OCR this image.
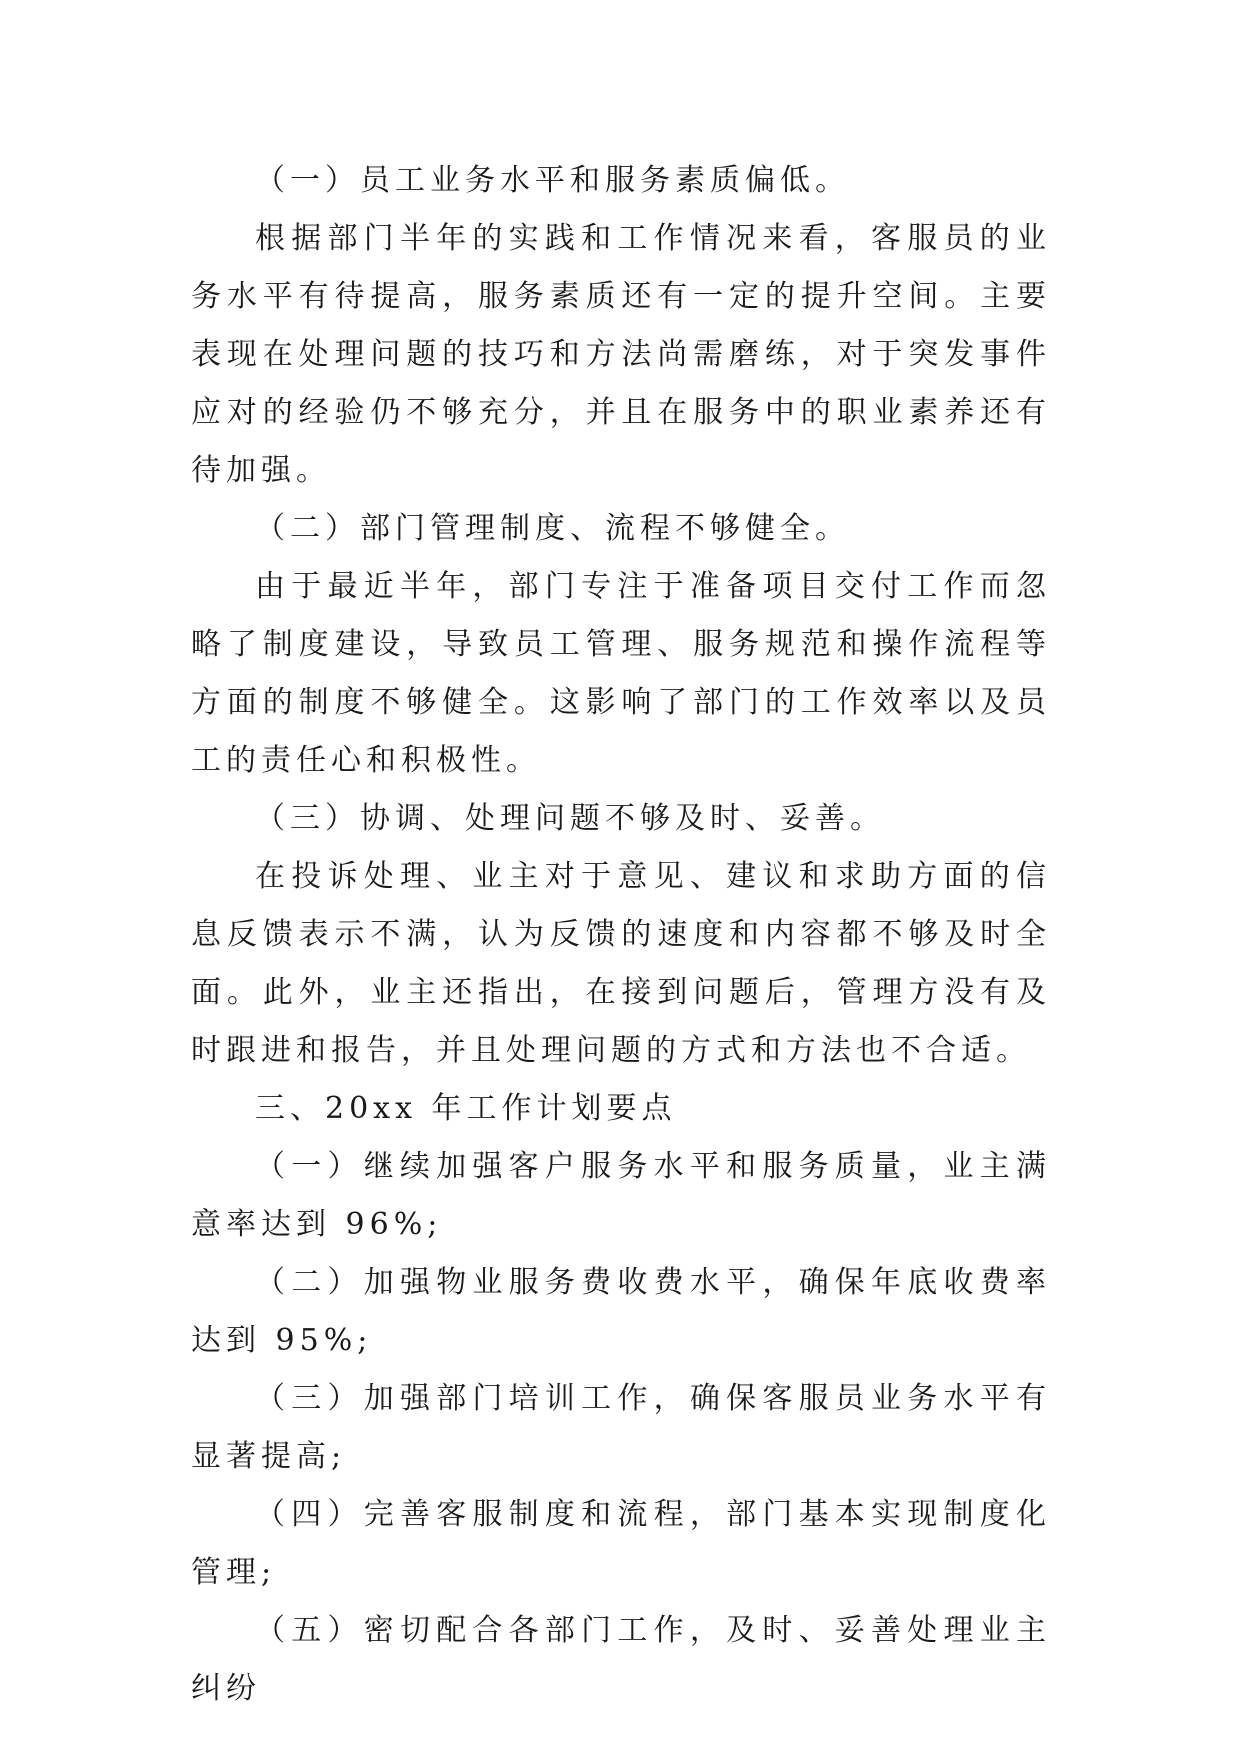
（一）员工业务水平和服务素质偏低。

根据部门半年的实践和工作情况来看，客服员的业务水平有待提高，服务素质还有一定的提升空间。主要表现在处理问题的技巧和方法尚需磨练，对于突发事件应对的经验仍不够充分，并且在服务中的职业素养还有待加强。

（二）部门管理制度、流程不够健全。

由于最近半年，部门专注于准备项目交付工作而忽略了制度建设，导致员工管理、服务规范和操作流程等方面的制度不够健全。这影响了部门的工作效率以及员工的责任心和积极性。

（三）协调、处理问题不够及时、妥善。

在投诉处理、业主对于意见、建议和求助方面的信息反馈表示不满，认为反馈的速度和内容都不够及时全面。此外，业主还指出，在接到问题后，管理方没有及时跟进和报告，并且处理问题的方式和方法也不合适。

三、20xx 年工作计划要点

（一）继续加强客户服务水平和服务质量，业主满意率达到 96%;

（二）加强物业服务费收费水平，确保年底收费率达到 95%;

（三）加强部门培训工作，确保客服员业务水平有显著提高;

（四）完善客服制度和流程，部门基本实现制度化管理;

（五）密切配合各部门工作，及时、妥善处理业主纠纷
